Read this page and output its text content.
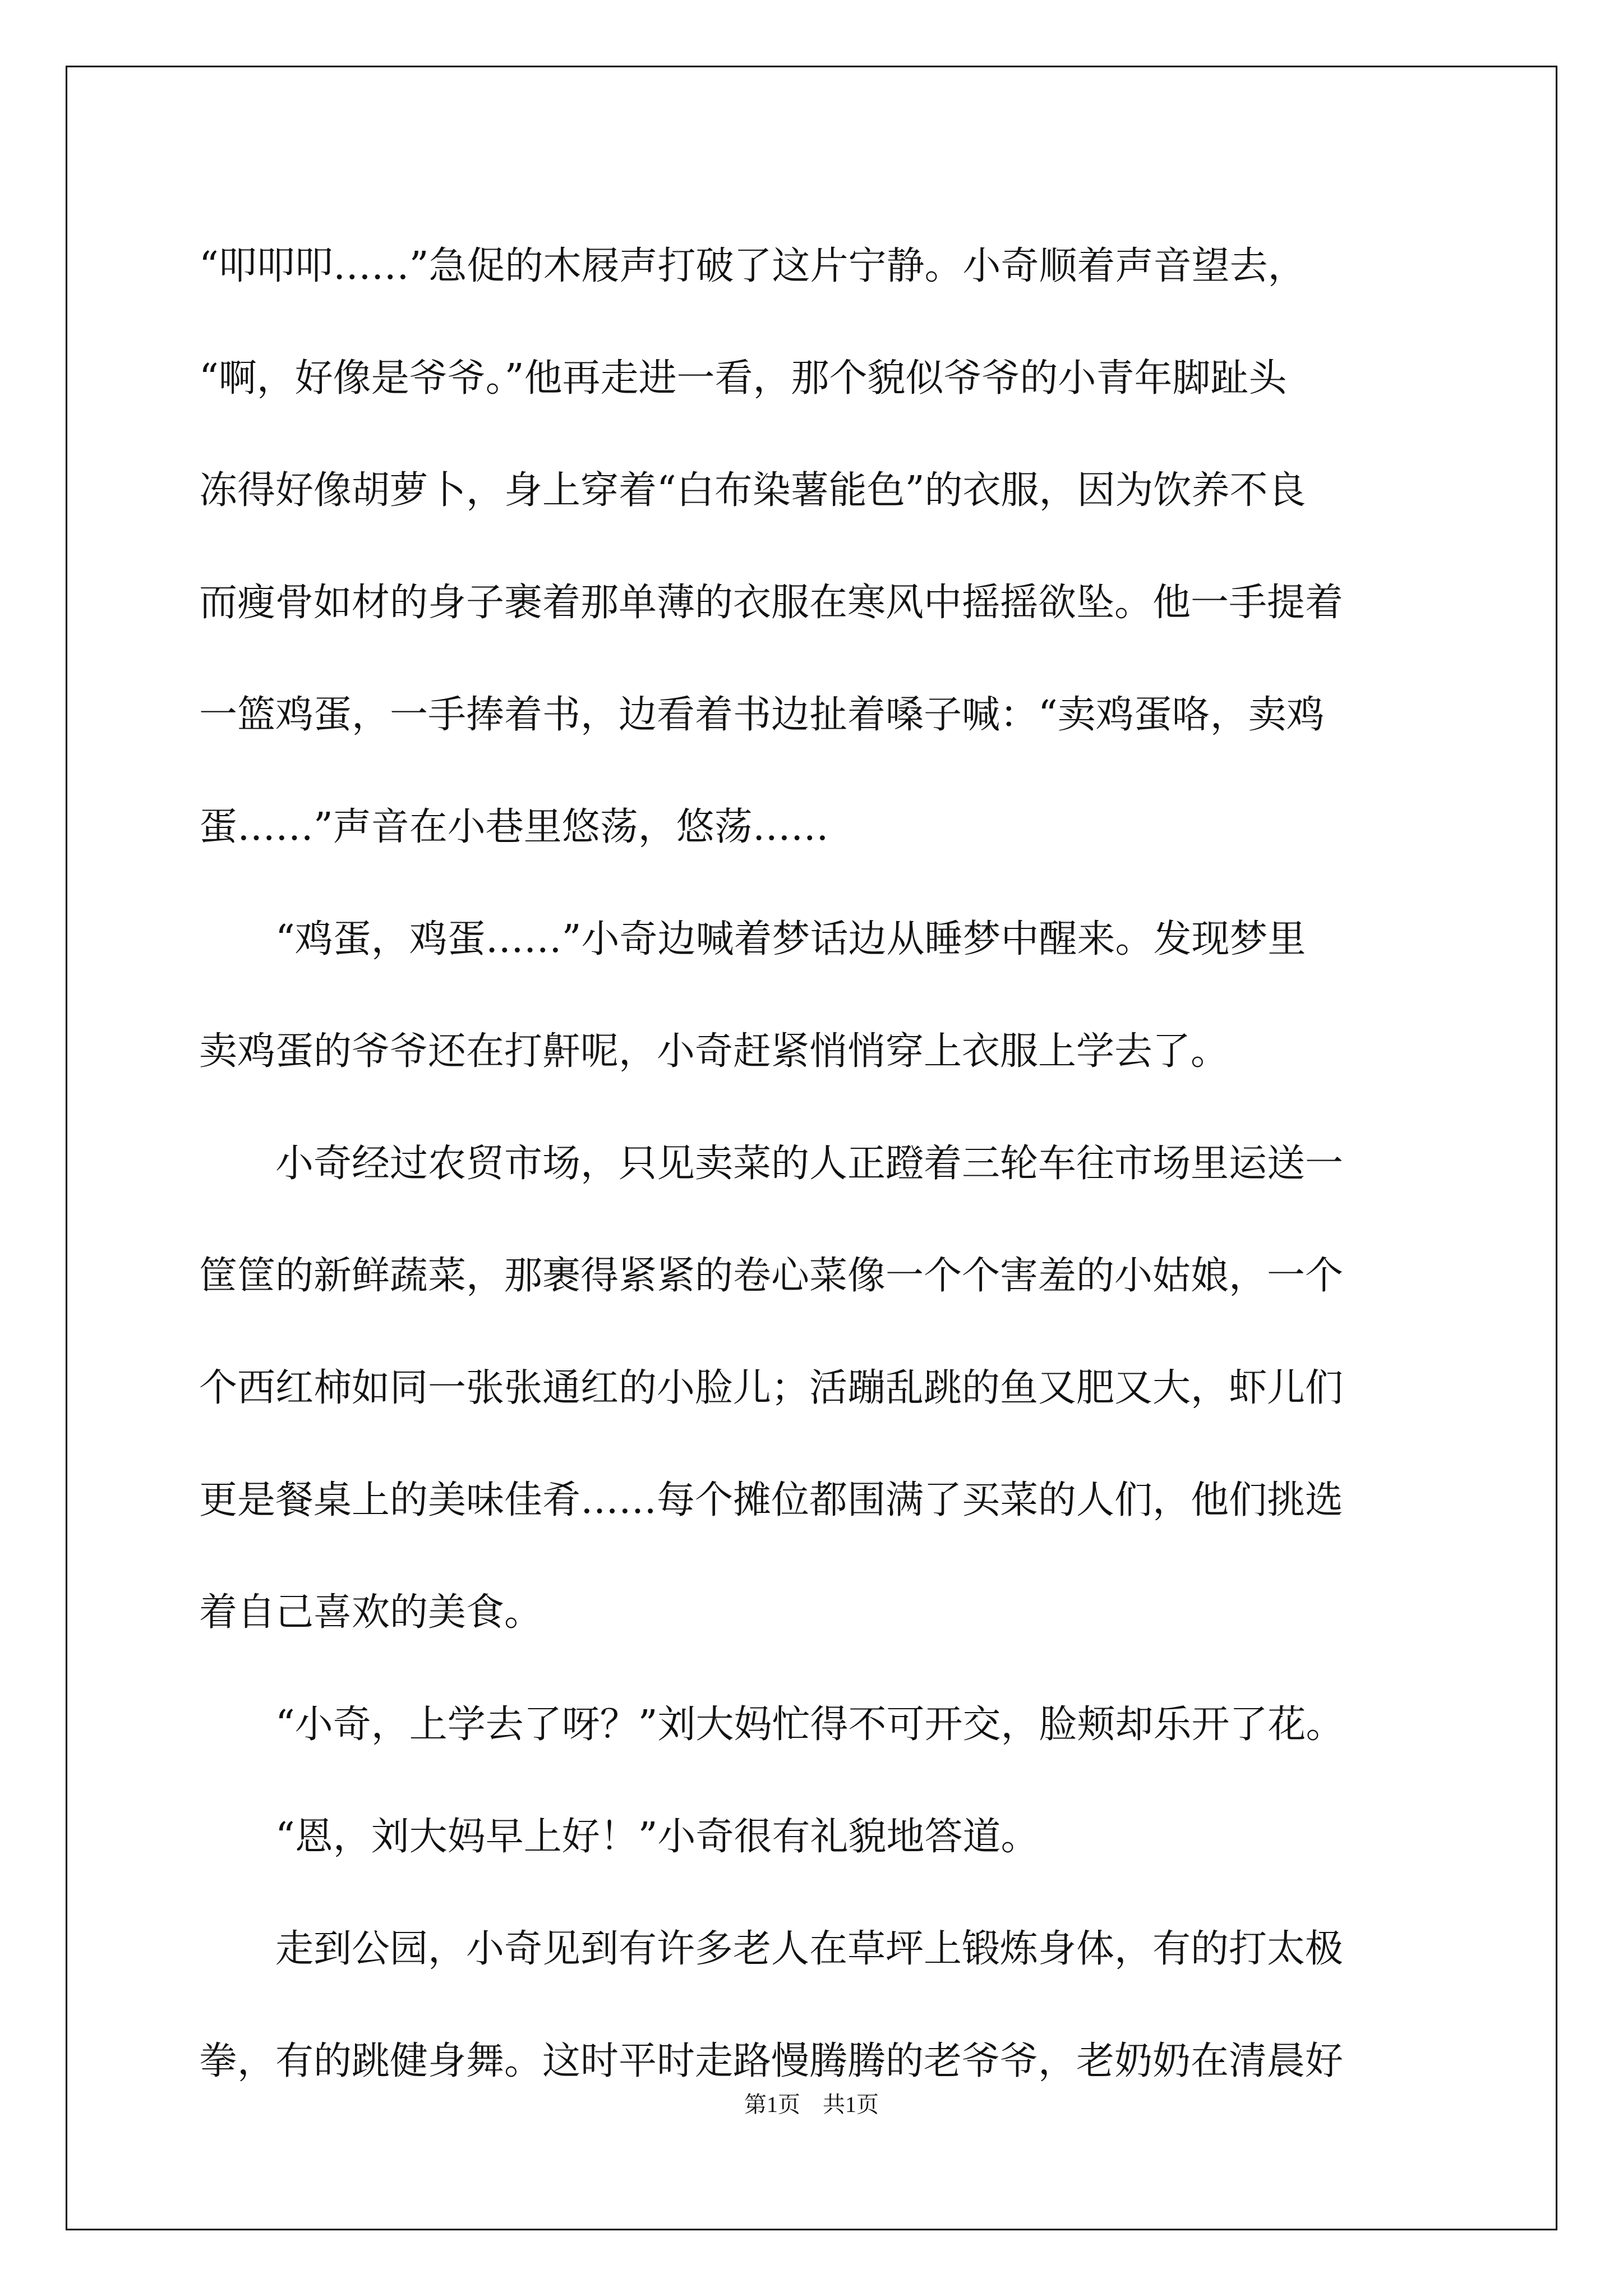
“叩叩叩……”急促的木屐声打破了这片宁静。小奇顺着声音望去，
“啊，好像是爷爷。”他再走进一看，那个貌似爷爷的小青年脚趾头
冻得好像胡萝卜，身上穿着“白布染薯能色”的衣服，因为饮养不良
而瘦骨如材的身子裹着那单薄的衣服在寒风中摇摇欲坠。他一手提着
一篮鸡蛋，一手捧着书，边看着书边扯着嗓子喊：“卖鸡蛋咯，卖鸡
蛋……”声音在小巷里悠荡，悠荡……
　　“鸡蛋，鸡蛋……”小奇边喊着梦话边从睡梦中醒来。发现梦里
卖鸡蛋的爷爷还在打鼾呢，小奇赶紧悄悄穿上衣服上学去了。
　　小奇经过农贸市场，只见卖菜的人正蹬着三轮车往市场里运送一
筐筐的新鲜蔬菜，那裹得紧紧的卷心菜像一个个害羞的小姑娘，一个
个西红柿如同一张张通红的小脸儿；活蹦乱跳的鱼又肥又大，虾儿们
更是餐桌上的美味佳肴……每个摊位都围满了买菜的人们，他们挑选
着自己喜欢的美食。
　　“小奇，上学去了呀？”刘大妈忙得不可开交，脸颊却乐开了花。
　　“恩，刘大妈早上好！”小奇很有礼貌地答道。
　　走到公园，小奇见到有许多老人在草坪上锻炼身体，有的打太极
拳，有的跳健身舞。这时平时走路慢腾腾的老爷爷，老奶奶在清晨好
第1页　共1页
